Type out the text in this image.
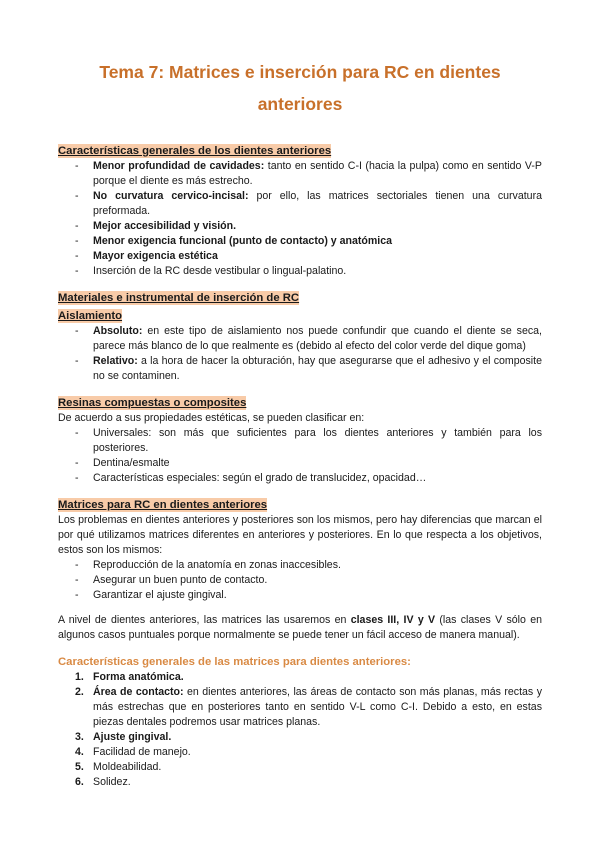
Tema 7: Matrices e inserción para RC en dientes anteriores
Características generales de los dientes anteriores
- Menor profundidad de cavidades: tanto en sentido C-I (hacia la pulpa) como en sentido V-P porque el diente es más estrecho.
- No curvatura cervico-incisal: por ello, las matrices sectoriales tienen una curvatura preformada.
- Mejor accesibilidad y visión.
- Menor exigencia funcional (punto de contacto) y anatómica
- Mayor exigencia estética
- Inserción de la RC desde vestibular o lingual-palatino.
Materiales e instrumental de inserción de RC
Aislamiento
- Absoluto: en este tipo de aislamiento nos puede confundir que cuando el diente se seca, parece más blanco de lo que realmente es (debido al efecto del color verde del dique goma)
- Relativo: a la hora de hacer la obturación, hay que asegurarse que el adhesivo y el composite no se contaminen.
Resinas compuestas o composites

De acuerdo a sus propiedades estéticas, se pueden clasificar en:

- Universales: son más que suficientes para los dientes anteriores y también para los posteriores.
- Dentina/esmalte
- Características especiales: según el grado de translucidez, opacidad…
Matrices para RC en dientes anteriores

Los problemas en dientes anteriores y posteriores son los mismos, pero hay diferencias que marcan el por qué utilizamos matrices diferentes en anteriores y posteriores. En lo que respecta a los objetivos, estos son los mismos:

- Reproducción de la anatomía en zonas inaccesibles.
- Asegurar un buen punto de contacto.
- Garantizar el ajuste gingival.

A nivel de dientes anteriores, las matrices las usaremos en clases III, IV y V (las clases V sólo en algunos casos puntuales porque normalmente se puede tener un fácil acceso de manera manual).

Características generales de las matrices para dientes anteriores:
Forma anatómica.
Área de contacto: en dientes anteriores, las áreas de contacto son más planas, más rectas y más estrechas que en posteriores tanto en sentido V-L como C-I. Debido a esto, en estas piezas dentales podremos usar matrices planas.
Ajuste gingival.
Facilidad de manejo.
Moldeabilidad.
Solidez.
